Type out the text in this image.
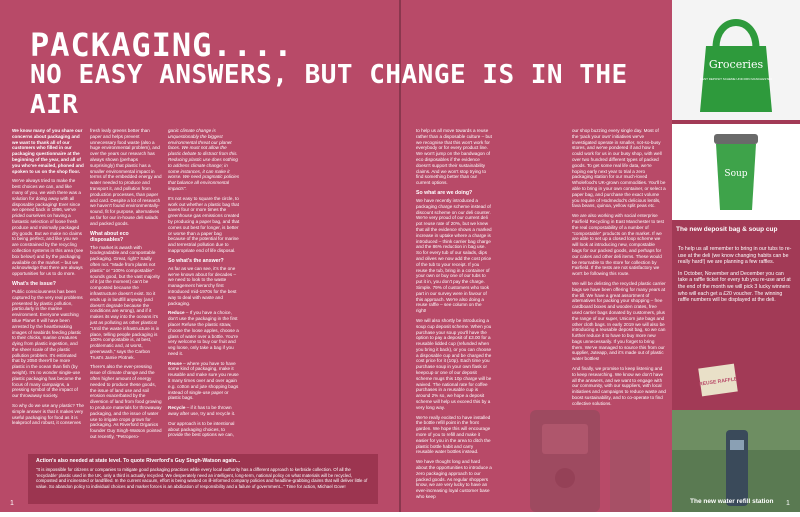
PACKAGING....
NO EASY ANSWERS, BUT CHANGE IS IN THE AIR

We know many of you share our concerns about packaging and we want to thank all of our customers who filled in our packaging questionnaire at the beginning of the year, and all of you who've emailed, phoned and spoken to us on the shop floor.

We've always tried to make the best choices we can, and like many of you, we wish there was a solution for doing away with all disposable packaging! Ever since we opened back in 1996, we've prided ourselves on having a fantastic selection of loose fresh produce and minimally packaged dry goods. But we make no claims to being perfect, and like you we are constrained by the recycling collection systems in this area (see box below!) and by the packaging available on the market – but we acknowledge that there are always opportunities for us to do more.

What's the issue?

Public consciousness has been captured by the very real problems presented by plastic pollution, particularly in the marine environment. Everyone watching Blue Planet II will have been arrested by the heartbreaking images of seabirds feeding plastic to their chicks, marine creatures dying from plastic ingestion, and the sheer scale of the plastic pollution problem. It's estimated that by 2050 there'll be more plastic in the ocean than fish (by weight). It's no wonder single-use plastic packaging has become the focus of many campaigns, a pressing symbol of the impact of our throwaway society.

So why do we use any plastic? The simple answer is that it makes very useful packaging for food as it is leakproof and robust, it conserves

fresh leafy greens better than paper and helps prevent unnecessary food waste (also a huge environmental problem), and over the years our research has always shown (perhaps surprisingly) that plastic has a smaller environmental impact in terms of the embedded energy and water needed to produce and transport it, and pollution from production processes, than paper and card. Despite a lot of research we haven't found environmentally-sound, fit for purpose, alternatives as far for our in-house deli salads and packed goods.

What about eco disposables?

The market is awash with biodegradable and compostable packaging. Great, right? Sadly often not. "Made from plants not plastic" or "100% compostable" sounds good, but the vast majority of it (at the moment) can't be composted because the infrastructure doesn't exist. So it ends up in landfill anyway (and doesn't degrade because the conditions are wrong), and if it makes its way into the oceans it's just as polluting as other plastics! "Until the waste infrastructure is in place, telling people packaging is 100% compostable is, at best, problematic and, at worst, greenwash," says the Carbon Trust's Jamie Plotnek.

There's also the ever-pressing issue of climate change and the often higher amount of energy needed to produce these goods, the issue of land use and soil erosion exacerbated by the diversion of land from food growing to produce materials for throwaway packaging, and the issue of water use to irrigate crops grown for packaging. As Riverford Organics founder Guy Singh-Watson pointed out recently, "Petropero-

ganic climate change is unquestionably the biggest environmental threat our planet faces. We must not allow the plastic debate to distract from this. Reducing plastic use does nothing to address climate change; in some instances, it can make it worse. We need pragmatic policies that balance all environmental impacts".

It's not easy to square the circle, to work out whether a plastic bag that saves four or more times the greenhouse gas emissions created by producing a paper bag, and that comes out best for longer, is better or worse than a paper bag because of the potential for marine and terrestrial pollution due to inappropriate end of life disposal.

So what's the answer?

As far as we can see, it's the one we've known about for decades – we need to look to the waste management hierarchy first introduced mid-1970s for the best way to deal with waste and packaging.

Reduce – If you have a choice, don't use the packaging in the first place! Refuse the plastic straw, choose the loose apples, choose a glass of water over a bottle. You're very welcome to buy our fruit and veg loose, only take a bag if you need it.

Reuse – where you have to have some kind of packaging, make it reusable and make sure you reuse it many times over and over again e.g. cotton and jute shopping bags instead of single-use paper or plastic bags.

Recycle – if it has to be thrown away after use, try and recycle it.

Our approach is to be intentional about packaging choices, to provide the best options we can,

to help us all move towards a reuse rather than a disposable culture – but we recognise that this won't work for everybody or for every product line. We won't jump on the bandwagon of eco disposables if the evidence doesn't support their sustainability claims. And we won't stop trying to find something better than our current options.

So what are we doing?

We have recently introduced a packaging charge scheme instead of discount scheme on our deli counter. We're very proud of our current deli pot reuse rate of 20%, but we knew that all the evidence shows a marked increase in uptake where a charge is introduced – think carrier bag charge and the 86% reduction in bag use. So for every tub of our salads, dips and olives we now add the cost price of the tub to your receipt. If you reuse the tub, bring in a container of your own or buy one of our tubs to put it in, you don't pay the charge. Simple. 79% of customers who took part in our survey were in favour of this approach. We're also doing a reuse raffle – see column on the right!

We will also shortly be introducing a soup cup deposit scheme. When you purchase your soup you'll have the option to pay a deposit of £3.00 for a reusable lidded cup (refunded when you bring it back), or you can choose a disposable cup and be charged the cost price for it (10p). Each time you purchase soup in your own flask or keepcup or one of our deposit scheme mugs this 10p charge will be waived. The national rate for coffee purchases in a reusable cup is around 2% so, we hope a deposit scheme will help us exceed this by a very long way.

We're really excited to have installed the bottle refill point in the front garden. We hope this will encourage more of you to refill and make it easier for you in the area to ditch the plastic bottle habit and carry reusable water bottles instead.

We have thought long and hard about the opportunities to introduce a zero packaging approach to our packed goods. As regular shoppers know, we are very lucky to have an ever-increasing loyal customer base who keep

our shop buzzing every single day. Most of the 'pack your own' initiatives we've investigated operate in smaller, not-so-busy stores, and we've pondered if and how it could work for us in our busy shop, with well over two hundred different types of packed goods. To get some real life data, we're hoping early next year to trial a zero packaging station for our much-loved Wholefood's UK-grown commodities. You'll be able to bring in your own container, or select a paper bag, and purchase the exact volume you require of Hodmedod's delicious lentils, fava beans, quinoa, yellow split peas etc.

We are also working with social enterprise Fairfield Recycling in East Manchester to test the real compostability of a number of "compostable" products on the market. If we are able to set up a closed loop scheme we will look at introducing new, compostable bags for our packed goods, and perhaps for our cakes and other deli items. These would be returnable to the store for collection by Fairfield. If the tests are not satisfactory we won't be following this route.

We will be delisting the recycled plastic carrier bags we have been offering for many years at the till. We have a great assortment of alternatives for packing your shopping – free cardboard boxes and wooden crates, free used carrier bags donated by customers, plus the range of our super, Unicorn jute bags and other cloth bags. In early 2019 we will also be introducing a reusable deposit bag, so we can further reduce it to have to buy more new bags unnecessarily. If you forget to bring them. We've managed to source this from our supplier, Juteapp, and it's made out of plastic water bottles!

And finally, we promise to keep listening and to keep researching. We know we don't have all the answers, and we want to engage with our community, with our suppliers, with local initiatives and campaigns to reduce waste and boost sustainability, and to co-operate to find collective solutions.

Action's also needed at state level. To quote Riverford's Guy Singh-Watson again...
"It is impossible for citizens or companies to mitigate good packaging practices while every local authority has a different approach to kerbside collection. Of all the 'recyclable' plastic used in the UK, only a third is actually recycled. We desperately need an intelligent, long-term, national policy on what materials will be recycled, composted and incinerated or landfilled. In the current vacuum, effort is being wasted on ill-informed company policies and headline-grabbing claims that will deliver little of value. So abandon policy to individual choices and market forces is an abdication of responsibility and a failure of government..." Time for action, Michael Gove!
Groceries
RENT DEPOSIT SCHEME UNICORN MANCHESTER
Soup
The new deposit bag & soup cup

To help us all remember to bring in our tubs to re-use at the deli (we know changing habits can be really hard!) we are planning a few raffles.

In October, November and December you can take a raffle ticket for every tub you re-use and at the end of the month we will pick 3 lucky winners who will each get a £20 voucher. The winning raffle numbers will be displayed at the deli.

REUSE RAFFLE
The new water refill station
1	1
